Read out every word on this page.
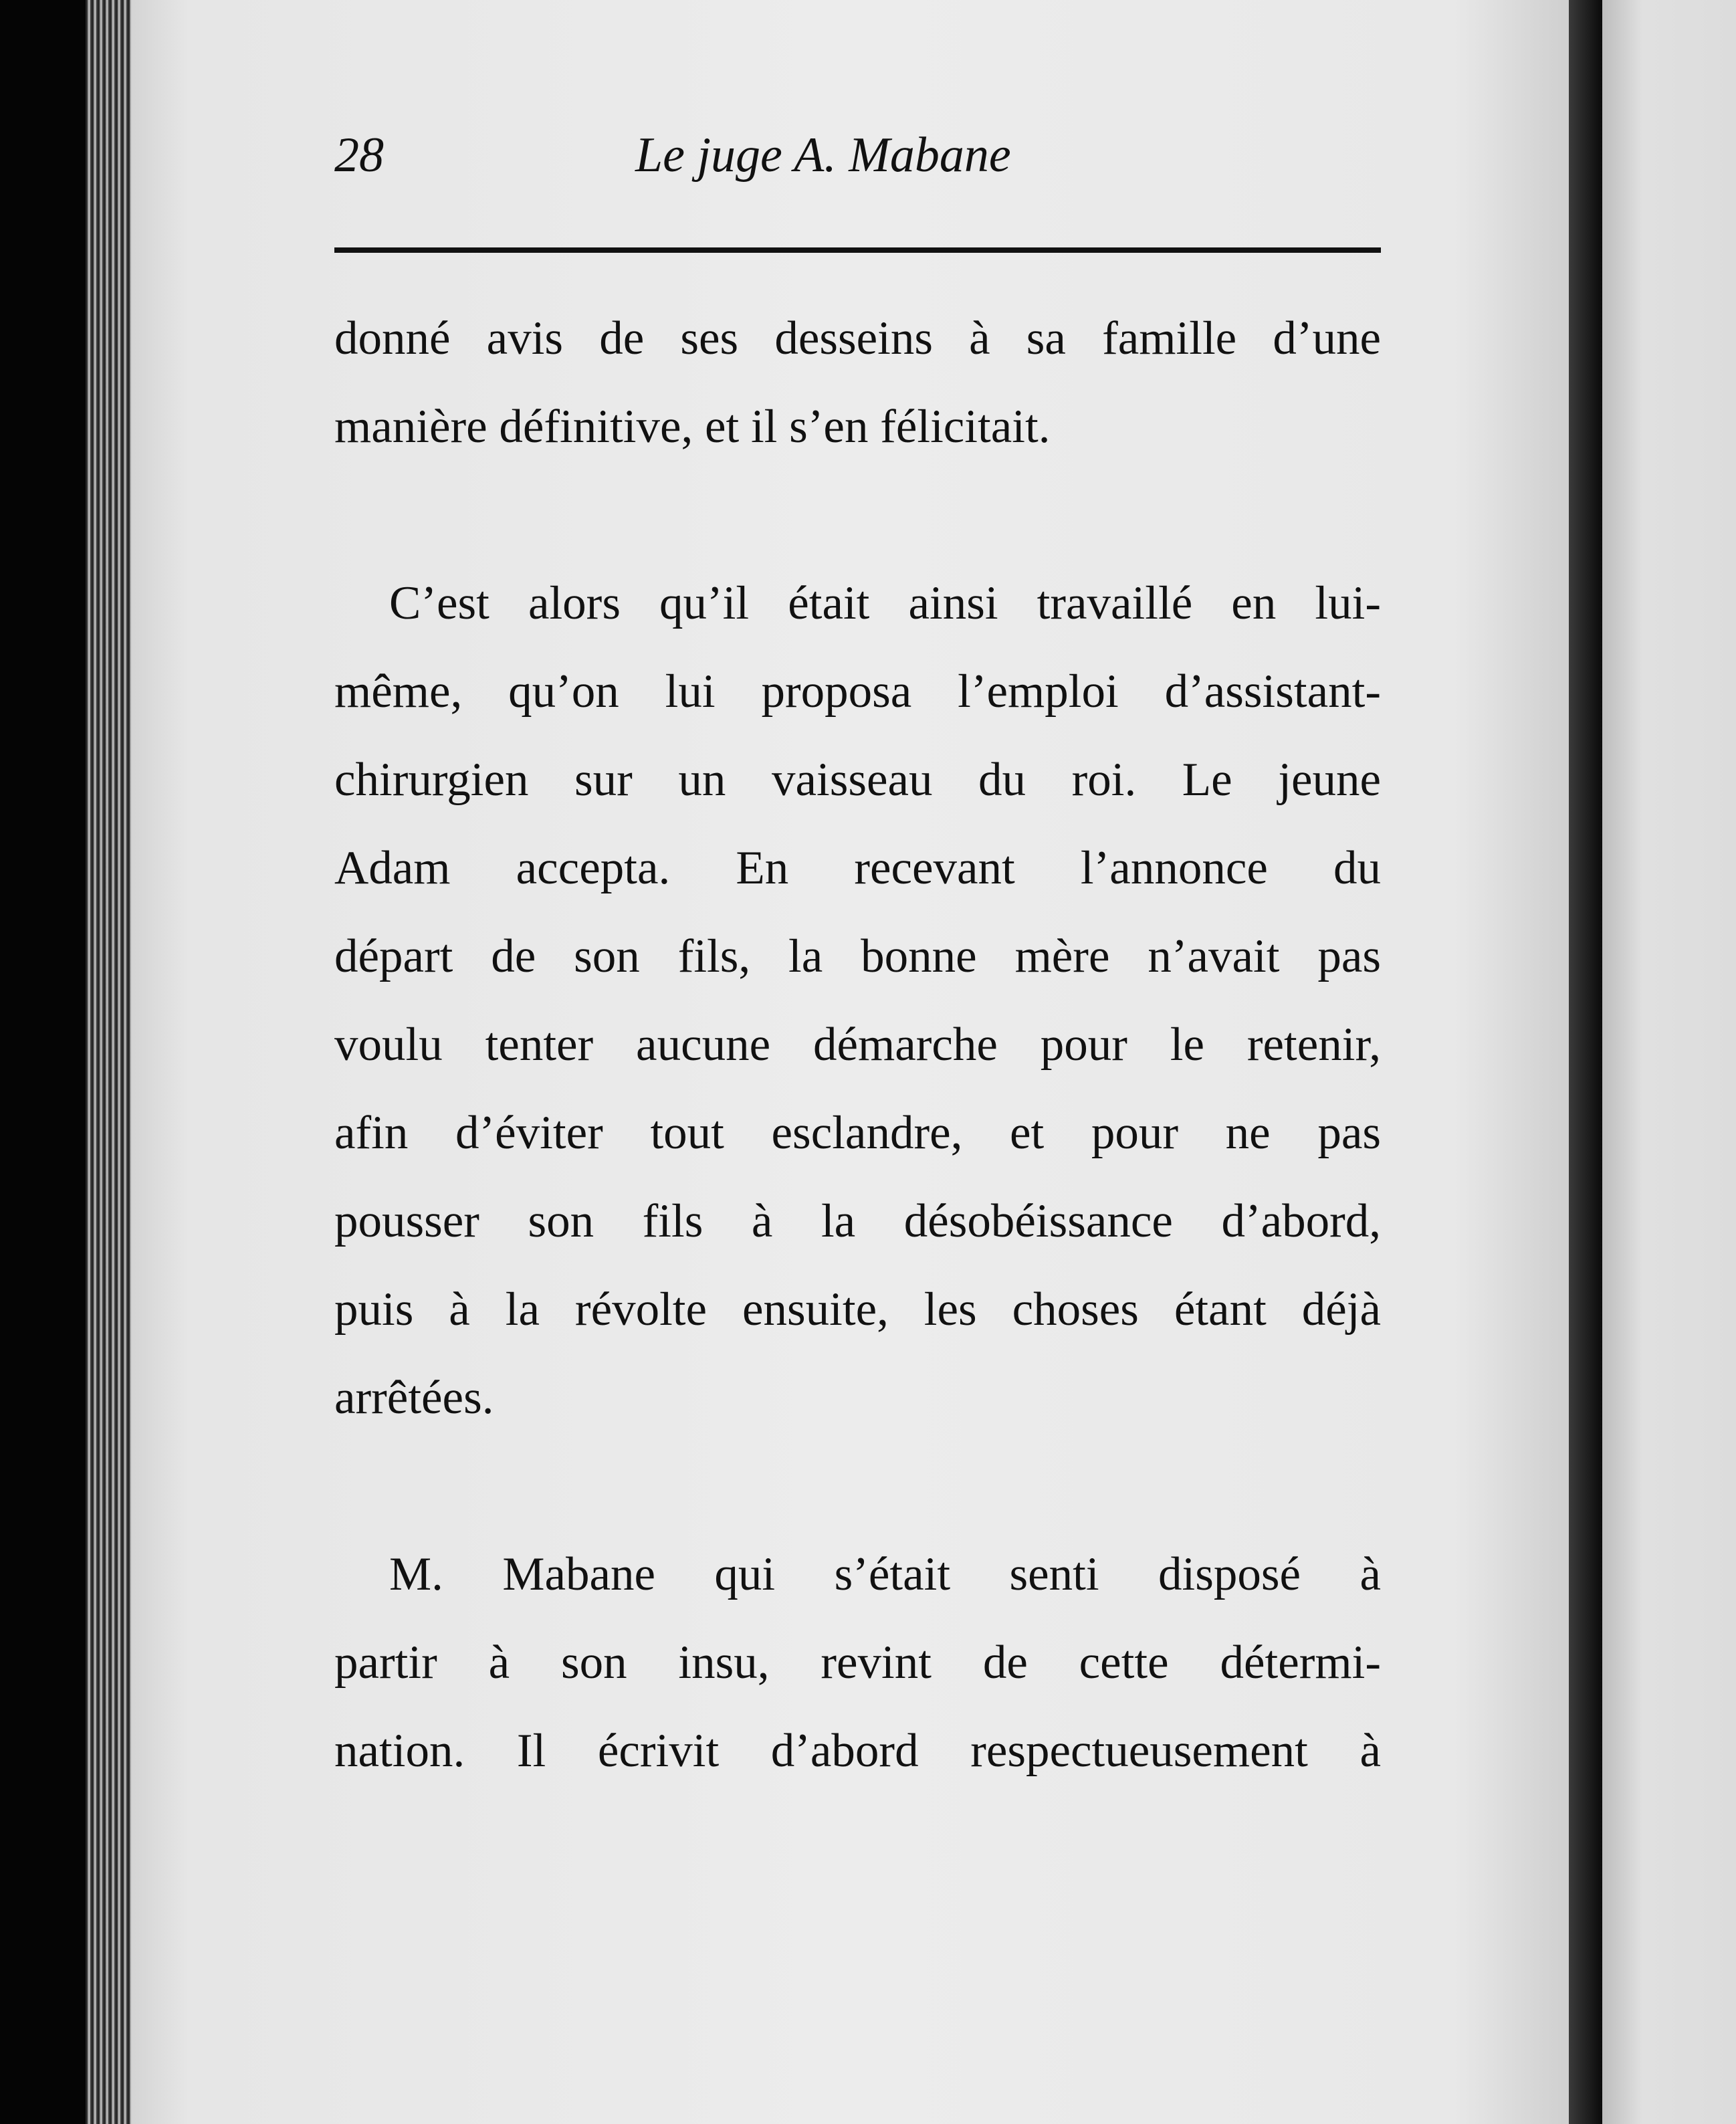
28	Le juge A. Mabane

donné avis de ses desseins à sa famille d’une
manière définitive, et il s’en félicitait.

C’est alors qu’il était ainsi travaillé en lui-
même, qu’on lui proposa l’emploi d’assistant-
chirurgien sur un vaisseau du roi. Le jeune
Adam accepta. En recevant l’annonce du
départ de son fils, la bonne mère n’avait pas
voulu tenter aucune démarche pour le retenir,
afin d’éviter tout esclandre, et pour ne pas
pousser son fils à la désobéissance d’abord,
puis à la révolte ensuite, les choses étant déjà
arrêtées.

M. Mabane qui s’était senti disposé à
partir à son insu, revint de cette détermi-
nation. Il écrivit d’abord respectueusement à
